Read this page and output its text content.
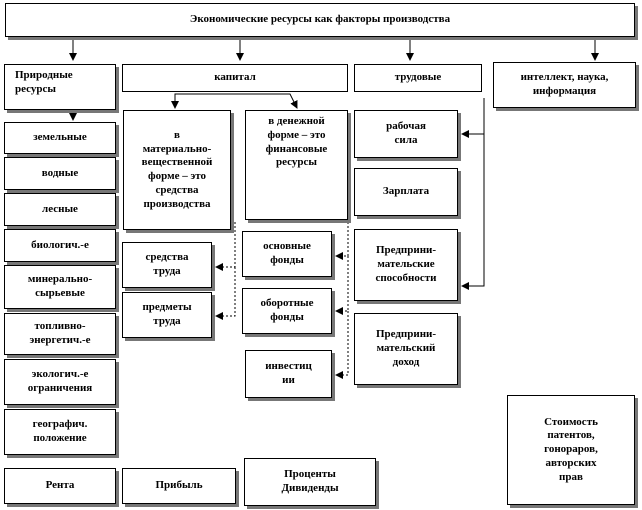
Экономические ресурсы как факторы производства
Природные
ресурсы
капитал	трудовые	интеллект, наука,
информация
земельные
водные
лесные
биологич.-е
минерально-
сырьевые
топливно-
энергетич.-е
экологич.-е
ограничения
географич.
положение
в
материально-
вещественной
форме – это
средства
производства
в денежной
форме – это
финансовые
ресурсы
средства
труда
предметы
труда
основные
фонды
оборотные
фонды
инвестиц
ии
рабочая
сила
Зарплата
Предприни-
мательские
способности
Предприни-
мательский
доход
Стоимость
патентов,
гонораров,
авторских
прав
Рента	Прибыль
Проценты
Дивиденды
